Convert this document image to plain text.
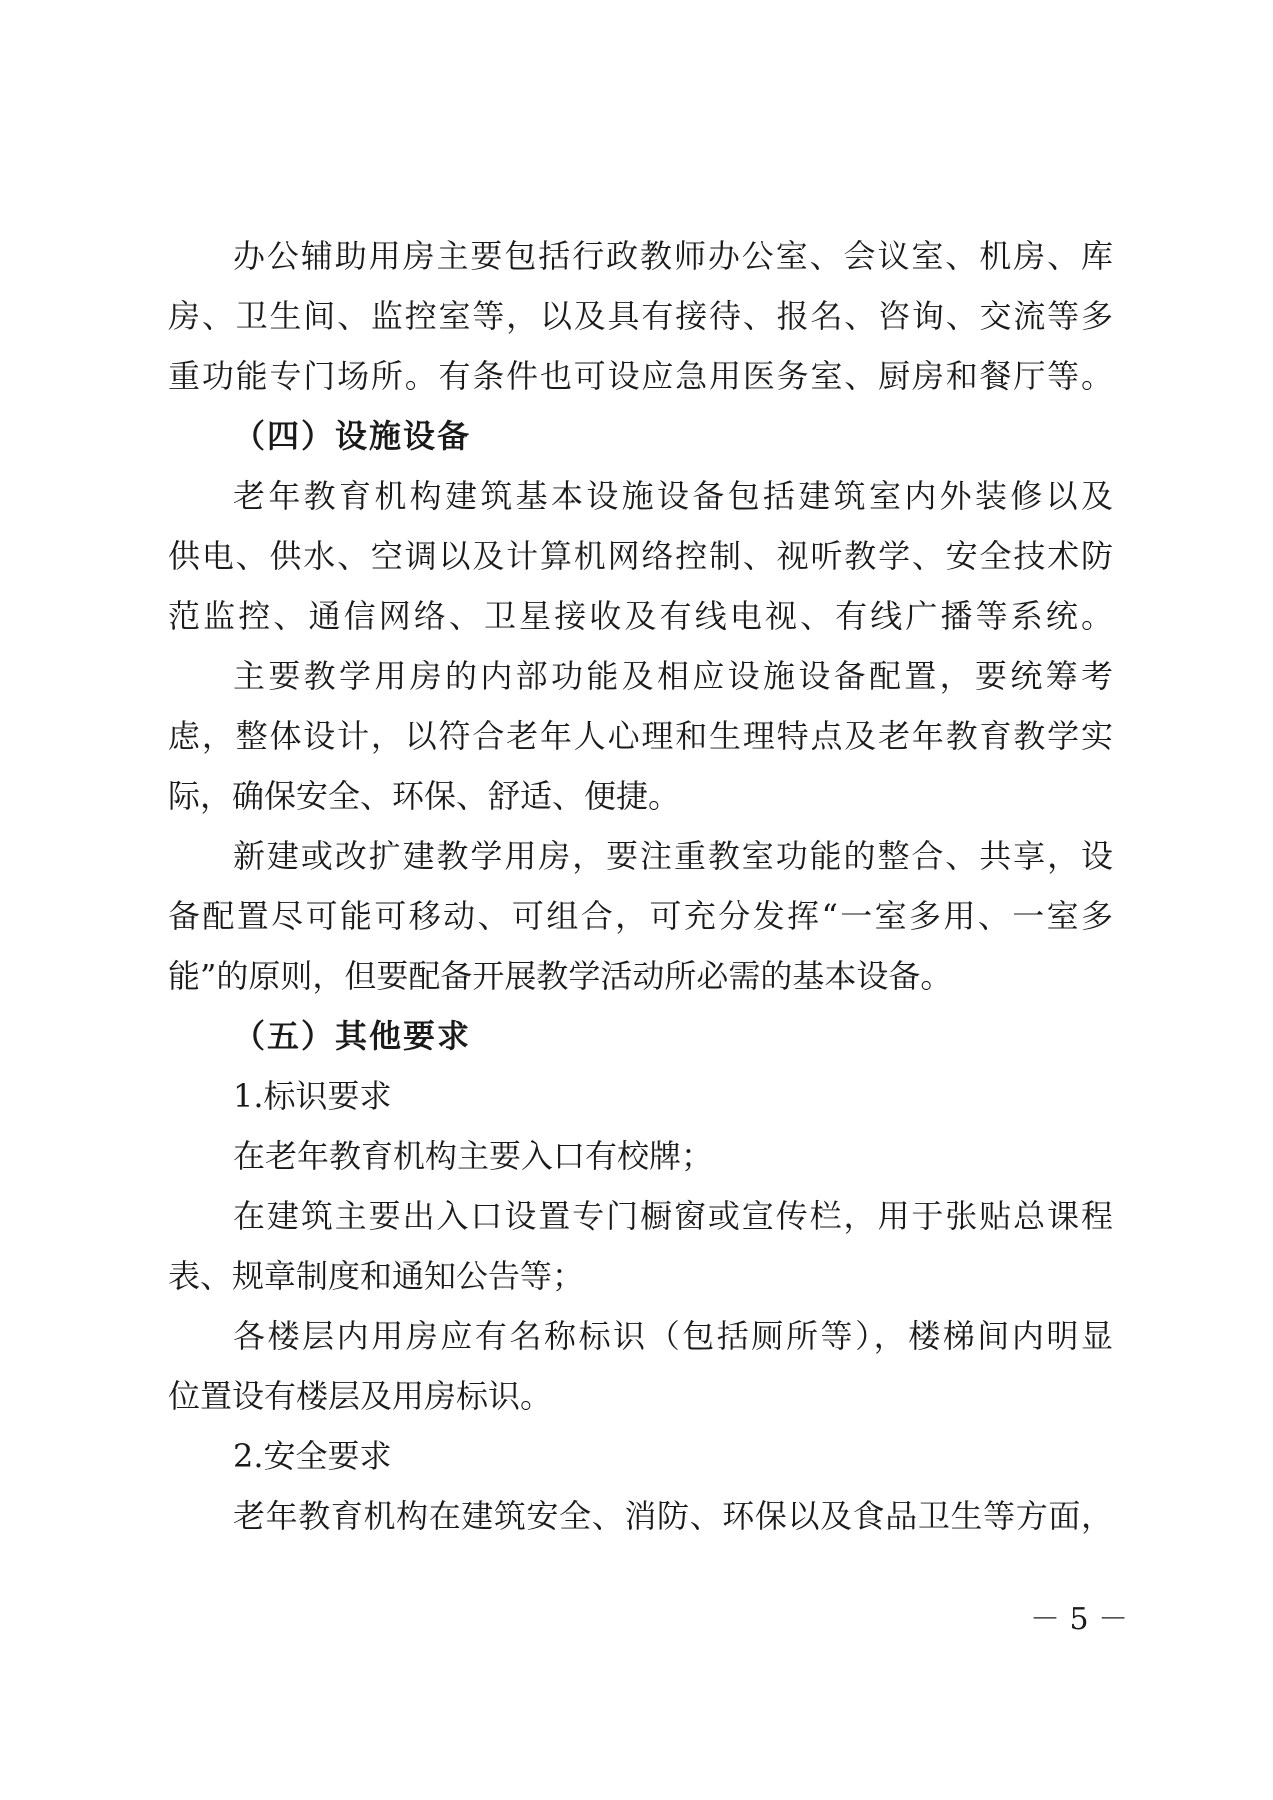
办公辅助用房主要包括行政教师办公室、会议室、机房、库
房、卫生间、监控室等，以及具有接待、报名、咨询、交流等多
重功能专门场所。有条件也可设应急用医务室、厨房和餐厅等。
（四）设施设备
老年教育机构建筑基本设施设备包括建筑室内外装修以及
供电、供水、空调以及计算机网络控制、视听教学、安全技术防
范监控、通信网络、卫星接收及有线电视、有线广播等系统。
主要教学用房的内部功能及相应设施设备配置，要统筹考
虑，整体设计，以符合老年人心理和生理特点及老年教育教学实
际，确保安全、环保、舒适、便捷。
新建或改扩建教学用房，要注重教室功能的整合、共享，设
备配置尽可能可移动、可组合，可充分发挥“一室多用、一室多
能”的原则，但要配备开展教学活动所必需的基本设备。
（五）其他要求
1.标识要求
在老年教育机构主要入口有校牌；
在建筑主要出入口设置专门橱窗或宣传栏，用于张贴总课程
表、规章制度和通知公告等；
各楼层内用房应有名称标识（包括厕所等），楼梯间内明显
位置设有楼层及用房标识。
2.安全要求
老年教育机构在建筑安全、消防、环保以及食品卫生等方面，
－ 5 －
